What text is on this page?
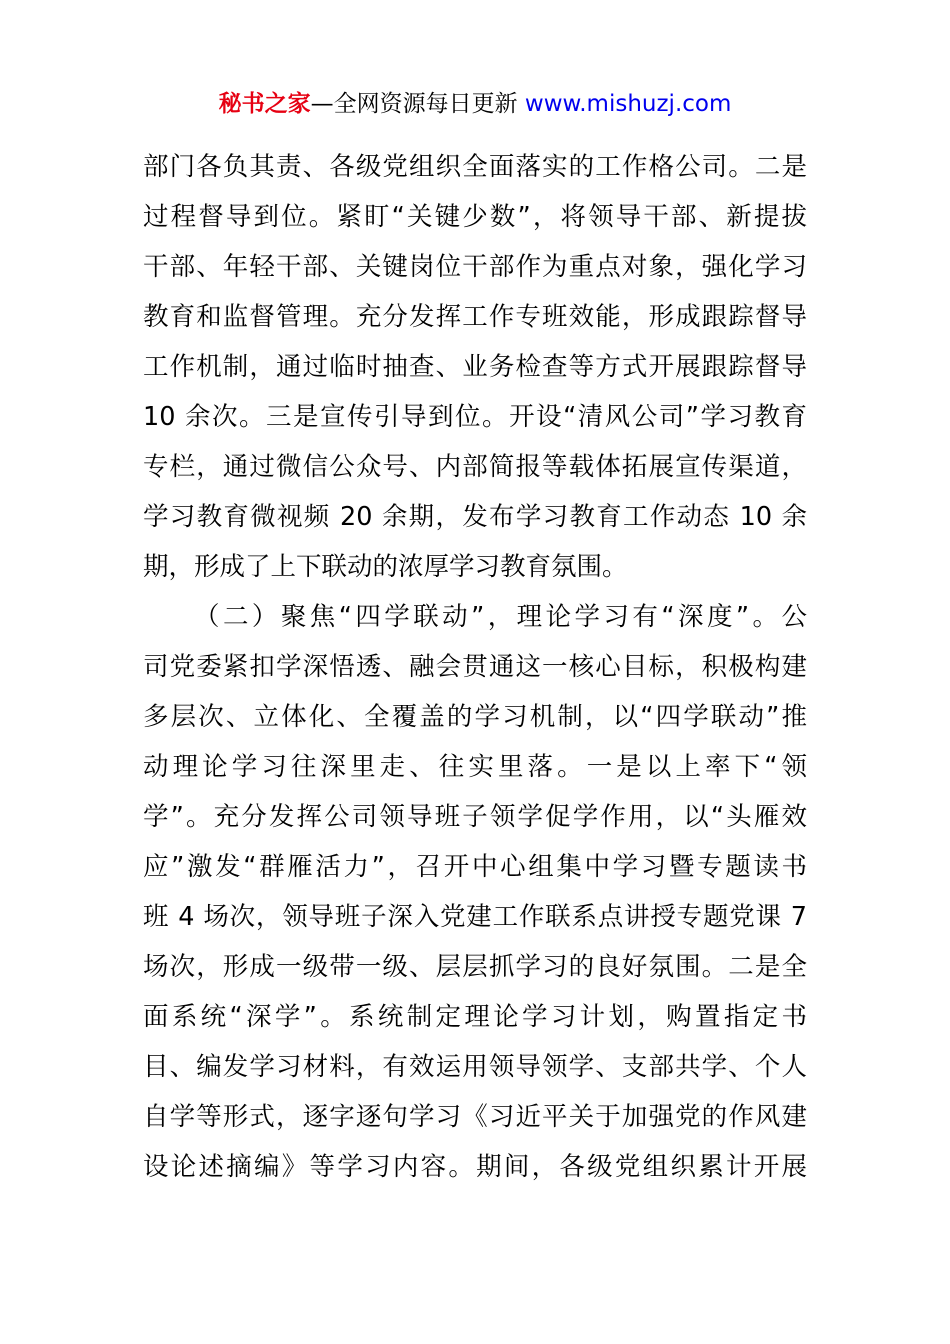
秘书之家—全网资源每日更新 www.mishuzj.com
部门各负其责、各级党组织全面落实的工作格公司。二是
过程督导到位。紧盯“关键少数”，将领导干部、新提拔
干部、年轻干部、关键岗位干部作为重点对象，强化学习
教育和监督管理。充分发挥工作专班效能，形成跟踪督导
工作机制，通过临时抽查、业务检查等方式开展跟踪督导
10 余次。三是宣传引导到位。开设“清风公司”学习教育
专栏，通过微信公众号、内部简报等载体拓展宣传渠道，
学习教育微视频 20 余期，发布学习教育工作动态 10 余
期，形成了上下联动的浓厚学习教育氛围。
（二）聚焦“四学联动”，理论学习有“深度”。公
司党委紧扣学深悟透、融会贯通这一核心目标，积极构建
多层次、立体化、全覆盖的学习机制，以“四学联动”推
动理论学习往深里走、往实里落。一是以上率下“领
学”。充分发挥公司领导班子领学促学作用，以“头雁效
应”激发“群雁活力”，召开中心组集中学习暨专题读书
班 4 场次，领导班子深入党建工作联系点讲授专题党课 7
场次，形成一级带一级、层层抓学习的良好氛围。二是全
面系统“深学”。系统制定理论学习计划，购置指定书
目、编发学习材料，有效运用领导领学、支部共学、个人
自学等形式，逐字逐句学习《习近平关于加强党的作风建
设论述摘编》等学习内容。期间，各级党组织累计开展
